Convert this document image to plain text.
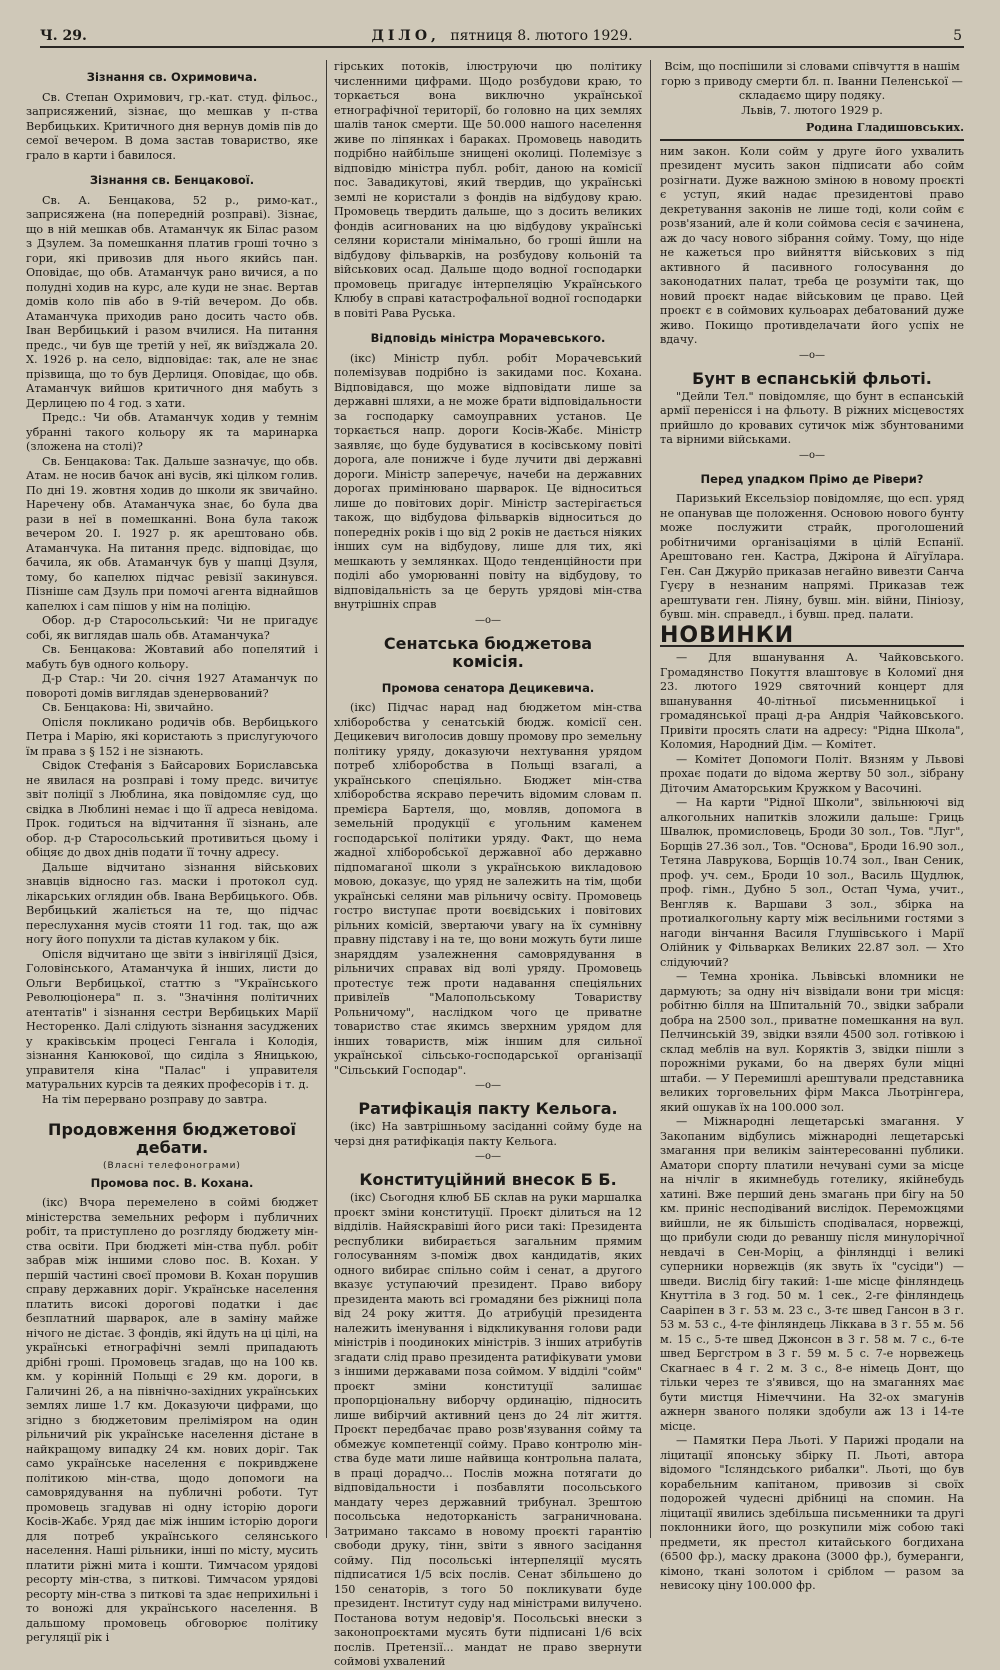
Ч. 29.	ДІЛО, пятниця 8. лютого 1929.	5
Зізнання св. Охримовича.

Св. Степан Охримович, гр.-кат. студ. фільос., заприсяжений, зізнає, що мешкав у п-ства Вербицьких. Критичного дня вернув домів пів до семої вечером. В дома застав товариство, яке грало в карти і бавилося.

Зізнання св. Бенцакової.

Св. А. Бенцакова, 52 р., римо-кат., заприсяжена (на попередній розправі). Зізнає, що в ній мешкав обв. Атаманчук як Білас разом з Дзулем. За помешкання платив гроші точно з гори, які привозив для нього якийсь пан. Оповідає, що обв. Атаманчук рано вичися, а по полудні ходив на курс, але куди не знає. Вертав домів коло пів або в 9-тій вечером. До обв. Атаманчука приходив рано досить часто обв. Іван Вербицький і разом вчилися. На питання предс., чи був ще третій у неї, як виїзджала 20. X. 1926 р. на село, відповідає: так, але не знає прізвища, що то був Дерлиця. Оповідає, що обв. Атаманчук вийшов критичного дня мабуть з Дерлицею по 4 год. з хати.

Предс.: Чи обв. Атаманчук ходив у темнім убранні такого кольору як та маринарка (зложена на столі)?

Св. Бенцакова: Так. Дальше зазначує, що обв. Атам. не носив бачок ані вусів, які цілком голив. По дні 19. жовтня ходив до школи як звичайно. Наречену обв. Атаманчука знає, бо була два рази в неї в помешканні. Вона була також вечером 20. I. 1927 р. як арештовано обв. Атаманчука. На питання предс. відповідає, що бачила, як обв. Атаманчук був у шапці Дзуля, тому, бо капелюх підчас ревізії закинувся. Пізніше сам Дзуль при помочі агента віднайшов капелюх і сам пішов у нім на поліцію.

Обор. д-р Старосольський: Чи не пригадує собі, як виглядав шаль обв. Атаманчука?

Св. Бенцакова: Жовтавий або попелятий і мабуть був одного кольору.

Д-р Стар.: Чи 20. січня 1927 Атаманчук по повороті домів виглядав зденервований?

Св. Бенцакова: Ні, звичайно.

Опісля покликано родичів обв. Вербицького Петра і Марію, які користають з прислугуючого їм права з § 152 і не зізнають.

Свідок Стефанія з Байсарових Бориславська не явилася на розправі і тому предс. вичитує звіт поліції з Люблина, яка повідомляє суд, що свідка в Люблині немає і що її адреса невідома. Прок. годиться на відчитання її зізнань, але обор. д-р Старосольський противиться цьому і обіцяє до двох днів подати її точну адресу.

Дальше відчитано зізнання військових знавців відносно газ. маски і протокол суд. лікарських оглядин обв. Івана Вербицького. Обв. Вербицький жаліється на те, що підчас переслухання мусів стояти 11 год. так, що аж ногу його попухли та дістав кулаком у бік.

Опісля відчитано ще звіти з інвігіляції Дзіся, Головінського, Атаманчука й інших, листи до Ольги Вербицької, статтю з "Українського Революціонера" п. з. "Значіння політичних атентатів" і зізнання сестри Вербицьких Марії Несторенко. Далі слідують зізнання засуджених у краківськім процесі Генгала і Колодія, зізнання Канюкової, що сиділа з Яницькою, управителя кіна "Палас" і управителя матуральних курсів та деяких професорів і т. д.

На тім перервано розправу до завтра.

Продовження бюджетової
дебати.
(Власні телефонограми)
Промова пос. В. Кохана.

(ікс) Вчора перемелено в соймі бюджет міністерства земельних реформ і публичних робіт, та приступлено до розгляду бюджету мін-ства освіти. При бюджеті мін-ства публ. робіт забрав між іншими слово пос. В. Кохан. У першій частині своєї промови В. Кохан порушив справу державних доріг. Українське населення платить високі дорогові податки і дає безплатний шарварок, але в заміну майже нічого не дістає. З фондів, які йдуть на ці цілі, на українські етнографічні землі припадають дрібні гроші. Промовець згадав, що на 100 кв. км. у корінній Польщі є 29 км. дороги, в Галичині 26, а на північно-західних українських землях лише 1.7 км. Доказуючи цифрами, що згідно з бюджетовим преліміяром на один рільничий рік українське населення дістане в найкращому випадку 24 км. нових доріг. Так само українське населення є покривджене політикою мін-ства, щодо допомоги на самоврядування на публичні роботи. Тут промовець згадував ні одну історію дороги Косів-Жабє. Уряд дає між іншим історію дороги для потреб українського селянського населення. Наші рільники, інші по місту, мусить платити ріжні мита і кошти. Тимчасом урядові ресорту мін-ства, з питкові. Тимчасом урядові ресорту мін-ства з питкові та здає неприхильні і то воножі для українського населення. В дальшому промовець обговорює політику регуляції рік і

гірських потоків, ілюструючи цю політику численними цифрами. Щодо розбудови краю, то торкається вона виключно української етнографічної території, бо головно на цих землях шалів танок смерти. Ще 50.000 нашого населення живе по ліпянках і бараках. Промовець наводить подрібно найбільше знищені околиці. Полемізує з відповідю міністра публ. робіт, даною на комісії пос. Завадикутові, який твердив, що українські землі не користали з фондів на відбудову краю. Промовець твердить дальше, що з досить великих фондів асигнованих на цю відбудову українські селяни користали мінімально, бо гроші йшли на відбудову фільварків, на розбудову кольоній та військових осад. Дальше щодо водної господарки промовець пригадує інтерпеляцію Українського Клюбу в справі катастрофальної водної господарки в повіті Рава Руська.

Відповідь міністра Морачевського.

(ікс) Міністр публ. робіт Морачевський полемізував подрібно із закидами пос. Кохана. Відповідався, що може відповідати лише за державні шляхи, а не може брати відповідальности за господарку самоуправних установ. Це торкається напр. дороги Косів-Жабє. Міністр заявляє, що буде будуватися в косівському повіті дорога, але понижче і буде лучити дві державні дороги. Міністр заперечує, начеби на державних дорогах примінювано шарварок. Це відноситься лише до повітових доріг. Міністр застерігається також, що відбудова фільварків відноситься до попередніх років і що від 2 років не дається ніяких інших сум на відбудову, лише для тих, які мешкають у землянках. Щодо тенденційности при поділі або уморюванні повіту на відбудову, то відповідальність за це беруть урядові мін-ства внутрішніх справ

—о—
Сенатська бюджетова
комісія.
Промова сенатора Децикевича.

(ікс) Підчас нарад над бюджетом мін-ства хліборобства у сенатській бюдж. комісії сен. Децикевич виголосив довшу промову про земельну політику уряду, доказуючи нехтування урядом потреб хліборобства в Польщі взагалі, а українського спеціяльно. Бюджет мін-ства хліборобства яскраво перечить відомим словам п. премієра Бартеля, що, мовляв, допомога в земельній продукції є угольним каменем господарської політики уряду. Факт, що нема жадної хліборобської державної або державно підпомаганої школи з українською викладовою мовою, доказує, що уряд не залежить на тім, щоби українські селяни мав рільничу освіту. Промовець гостро виступає проти воєвідських і повітових рільних комісій, звертаючи увагу на їх сумнівну правну підставу і на те, що вони можуть бути лише знаряддям узалежнення самоврядування в рільничих справах від волі уряду. Промовець протестує теж проти надавання спеціяльних привілеїв "Малопольському Товариству Рольничому", наслідком чого це приватне товариство стає якимсь зверхним урядом для інших товариств, між іншим для сильної української сільсько-господарської організації "Сільський Господар".

—о—
Ратифікація пакту Кельога.

(ікс) На завтрішньому засіданні сойму буде на черзі дня ратифікація пакту Кельога.

—о—
Конституційний внесок Б Б.

(ікс) Сьогодня клюб ББ склав на руки маршалка проєкт зміни конституції. Проєкт ділиться на 12 відділів. Найяскравіші його риси такі: Президента республики вибирається загальним прямим голосуванням з-поміж двох кандидатів, яких одного вибирає спільно сойм і сенат, а другого вказує уступаючий президент. Право вибору президента мають всі громадяни без ріжниці пола від 24 року життя. До атрибуцій президента належить іменування і відкликування голови ради міністрів і поодиноких міністрів. З інших атрибутів згадати слід право президента ратифікувати умови з іншими державами поза соймом. У відділі "сойм" проєкт зміни конституції залишає пропорціональну виборчу ординацію, підносить лише вибірчий активний ценз до 24 літ життя. Проєкт передбачає право розв'язування сойму та обмежує компетенції сойму. Право контролю мін-ства буде мати лише найвища контрольна палата, в праці дорадчо... Послів можна потягати до відповідальности і позбавляти посольського мандату через державний трибунал. Зрештою посольська недоторканість заграничнована. Затримано таксамо в новому проєкті гарантію свободи друку, тінн, звіти з явного засідання сойму. Під посольські інтерпеляції мусять підписатися 1/5 всіх послів. Сенат збільшено до 150 сенаторів, з того 50 покликувати буде президент. Інститут суду над міністрами вилучено. Постанова вотум недовір'я. Посольські внески з законопроєктами мусять бути підписані 1/6 всіх послів. Претензії... мандат не право звернути соймові ухвалений

Всім, що поспішили зі словами співчуття в нашім горю з приводу смерти бл. п. Іванни Пеленської — складаємо щиру подяку.

Львів, 7. лютого 1929 р.

Родина Гладишовських.

ним закон. Коли сойм у друге його ухвалить президент мусить закон підписати або сойм розігнати. Дуже важною зміною в новому проєкті є уступ, який надає президентові право декретування законів не лише тоді, коли сойм є розв'язаний, але й коли соймова сесія є зачинена, аж до часу нового зібрання сойму. Тому, що ніде не кажеться про вийняття військових з під активного й пасивного голосування до законодатних палат, треба це розуміти так, що новий проєкт надає військовим це право. Цей проєкт є в соймових кульоарах дебатований дуже живо. Покищо противделачати його успіх не вдачу.

—о—
Бунт в еспанській фльоті.

"Дейли Тел." повідомляє, що бунт в еспанській армії перенісся і на фльоту. В ріжних місцевостях прийшло до кровавих сутичок між збунтованими та вірними військами.

—о—
Перед упадком Прімо де Рівери?

Паризький Ексельзіор повідомляє, що есп. уряд не опанував ще положення. Основою нового бунту може послужити страйк, проголошений робітничими організаціями в цілій Еспанії. Арештовано ген. Кастра, Джірона й Аїгуїлара. Ген. Сан Джурйо приказав негайно вивезти Санча Гуєру в незнаним напрямі. Приказав теж арештувати ген. Ліяну, бувш. мін. війни, Пініозу, бувш. мін. справедл., і бувш. пред. палати.

НОВИНКИ

— Для вшанування А. Чайковського. Громадянство Покуття влаштовує в Коломиї дня 23. лютого 1929 святочний концерт для вшанування 40-літньої письменницької і громадянської праці д-ра Андрія Чайковського. Привіти просять слати на адресу: "Рідна Школа", Коломия, Народний Дім. — Комітет.

— Комітет Допомоги Політ. Вязням у Львові прохає подати до відома жертву 50 зол., зібрану Діточим Аматорським Кружком у Васочині.

— На карти "Рідної Школи", звільнюючі від алкогольних напитків зложили дальше: Гриць Швалюк, промисловець, Броди 30 зол., Тов. "Луг", Борщів 27.36 зол., Тов. "Основа", Броди 16.90 зол., Тетяна Лаврукова, Борщів 10.74 зол., Іван Сеник, проф. уч. сем., Броди 10 зол., Василь Щудлюк, проф. гімн., Дубно 5 зол., Остап Чума, учит., Венгляв к. Варшави 3 зол., збірка на протиалкогольну карту між весільними гостями з нагоди вінчання Василя Глушівського і Марії Олійник у Фільварках Великих 22.87 зол. — Хто слідуючий?

— Темна хроніка. Львівські вломники не дармують; за одну ніч візвідали вони три місця: робітню білля на Шпитальній 70., звідки забрали добра на 2500 зол., приватне помешкання на вул. Пелчинській 39, звідки взяли 4500 зол. готівкою і склад меблів на вул. Коряктів 3, звідки пішли з порожніми руками, бо на дверях були міцні штаби. — У Перемишлі арештували представника великих торговельних фірм Макса Льотрінгера, який ошукав їх на 100.000 зол.

— Міжнародні лещетарські змагання. У Закопаним відбулись міжнародні лещетарські змагання при великім заінтересованні публики. Аматори спорту платили нечувані суми за місце на нічліг в якимнебудь готелику, якійнебудь хатині. Вже перший день змагань при бігу на 50 км. приніс несподіваний вислідок. Переможцями вийшли, не як більшість сподівалася, норвежці, що прибули сюди до реваншу після минулорічної невдачі в Сен-Моріц, а фінляндці і великі суперники норвежців (як звуть їх "сусіди") — шведи. Вислід бігу такий: 1-ше місце фінляндець Кнуттіла в 3 год. 50 м. 1 сек., 2-ге фінляндець Сааріпен в 3 г. 53 м. 23 с., 3-тє швед Гансон в 3 г. 53 м. 53 с., 4-те фінляндець Ліккава в 3 г. 55 м. 56 м. 15 с., 5-те швед Джонсон в 3 г. 58 м. 7 с., 6-те швед Бергстром в 3 г. 59 м. 5 с. 7-е норвежець Скагнаес в 4 г. 2 м. 3 с., 8-е німець Донт, що тільки через те з'явився, що на змаганнях має бути мистця Німеччини. На 32-ох змагунів ажнерн званого поляки здобули аж 13 і 14-те місце.

— Памятки Пера Льоті. У Парижі продали на ліцитації японську збірку П. Льоті, автора відомого "Ісляндського рибалки". Льоті, що був корабельним капітаном, привозив зі своїх подорожей чудесні дрібниці на спомин. На ліцитації явились здебільша письменники та другі поклонники його, що розкупили між собою такі предмети, як престол китайського богдихана (6500 фр.), маску дракона (3000 фр.), бумеранги, кімоно, ткані золотом і сріблом — разом за невисоку ціну 100.000 фр.
